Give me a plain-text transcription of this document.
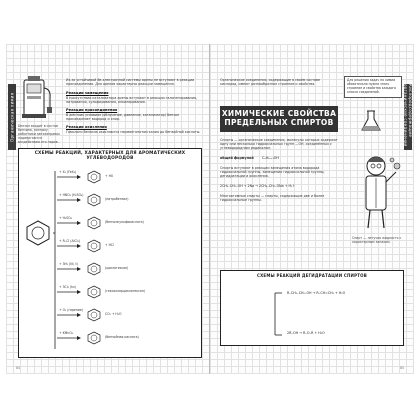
Органическая химия	Бензол входит в состав бензина, поэтому работники автозаправок подвергаются воздействию его паров.
Из-за устойчивой 6π-электронной системы арены не вступают в реакции присоединения. Для аренов характерны реакции замещения.
Реакции замещения
В присутствии катализатора арены вступают в реакции галогенирования, нитрования, сульфирования, алкилирования.
Реакции присоединения
В жёстких условиях (облучение, давление, катализатор) бензол присоединяет водород и хлор.
Реакции окисления
Гомологи бензола окисляются перманганатом калия до бензойной кислоты.
СХЕМЫ РЕАКЦИЙ, ХАРАКТЕРНЫХ ДЛЯ АРОМАТИЧЕСКИХ
УГЛЕВОДОРОДОВ
+ X₂ (FeX₃)
+ HX
+ HNO₃ (H₂SO₄)
(нитробензол)
+ H₂SO₄
(бензолсульфокислота)
+ R–Cl (AlCl₃)
+ HCl
+ 3H₂ (Ni, t)
(циклогексан)
+ 3Cl₂ (hν)
(гексахлорциклогексан)
+ O₂ (горение)
CO₂ + H₂O
+ KMnO₄
(бензойная кислота)
84
Кислородсодержащие органические соединения
Органические соединения, содержащие в своём составе кислород, имеют разнообразное строение и свойства.
Для решения задач по химии обязательно нужно знать строение и свойства каждого класса соединений.
ХИМИЧЕСКИЕ СВОЙСТВА ПРЕДЕЛЬНЫХ СПИРТОВ
Спирты — органические соединения, молекулы которых содержат одну или несколько гидроксильных групп —OH, соединённых с углеводородным радикалом.
общей формулой	CₙH₂ₙ₊₁OH
Спирты вступают в реакции замещения атома водорода гидроксильной группы, замещения гидроксильной группы, дегидратации и окисления.
2CH₃–CH₂–OH + 2Na → 2CH₃–CH₂–ONa + H₂↑
Многоатомные спирты — спирты, содержащие две и более гидроксильные группы.
Спирт — летучая жидкость с характерным запахом.
СХЕМЫ РЕАКЦИЙ ДЕГИДРАТАЦИИ СПИРТОВ
R–CH₂–CH₂–OH → R–CH=CH₂ + H₂O
2R–OH → R–O–R + H₂O
85
